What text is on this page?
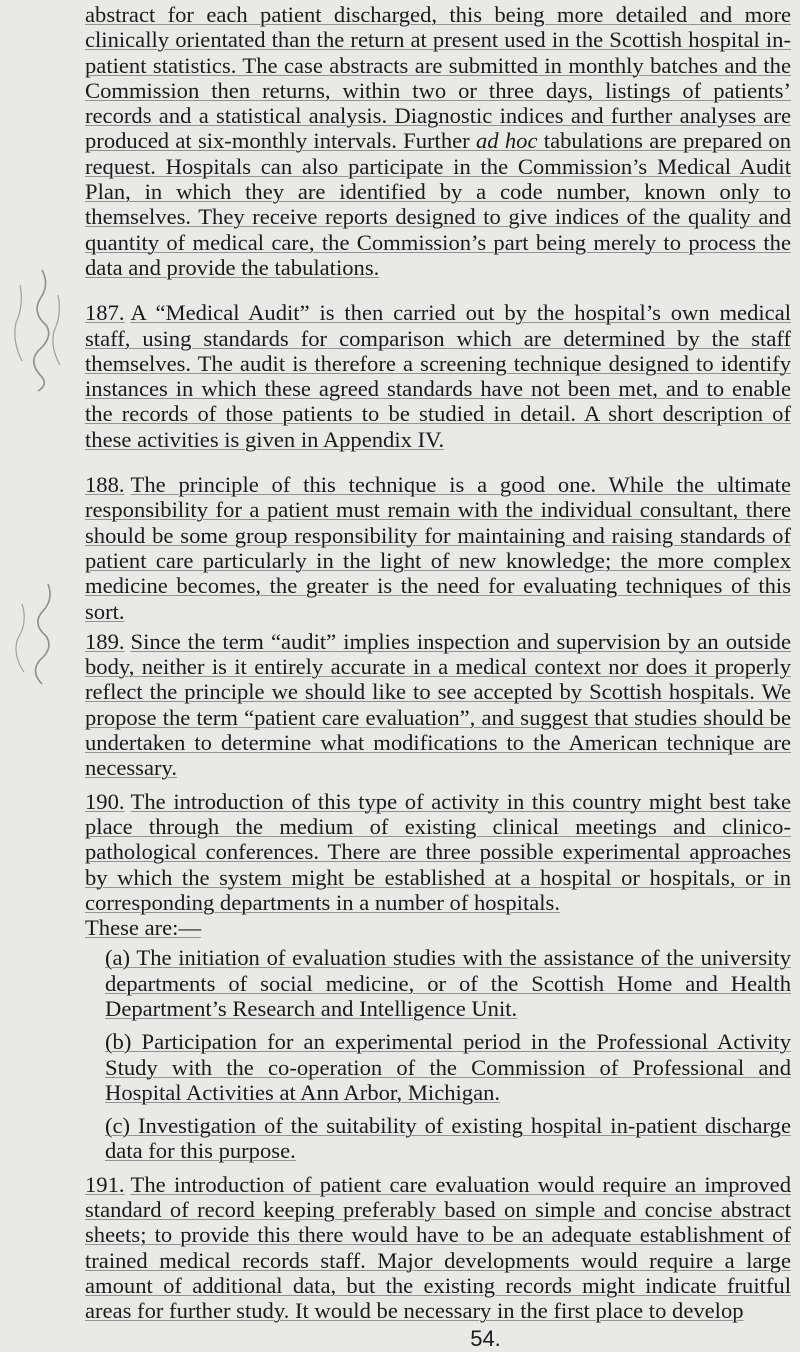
abstract for each patient discharged, this being more detailed and more clinically orientated than the return at present used in the Scottish hospital in-patient statistics. The case abstracts are submitted in monthly batches and the Commission then returns, within two or three days, listings of patients’ records and a statistical analysis. Diagnostic indices and further analyses are produced at six-monthly intervals. Further ad hoc tabulations are prepared on request. Hospitals can also participate in the Commission’s Medical Audit Plan, in which they are identified by a code number, known only to themselves. They receive reports designed to give indices of the quality and quantity of medical care, the Commission’s part being merely to process the data and provide the tabulations.

187. A “Medical Audit” is then carried out by the hospital’s own medical staff, using standards for comparison which are determined by the staff themselves. The audit is therefore a screening technique designed to identify instances in which these agreed standards have not been met, and to enable the records of those patients to be studied in detail. A short description of these activities is given in Appendix IV.

188. The principle of this technique is a good one. While the ultimate responsibility for a patient must remain with the individual consultant, there should be some group responsibility for maintaining and raising standards of patient care particularly in the light of new knowledge; the more complex medicine becomes, the greater is the need for evaluating techniques of this sort.

189. Since the term “audit” implies inspection and supervision by an outside body, neither is it entirely accurate in a medical context nor does it properly reflect the principle we should like to see accepted by Scottish hospitals. We propose the term “patient care evaluation”, and suggest that studies should be undertaken to determine what modifications to the American technique are necessary.

190. The introduction of this type of activity in this country might best take place through the medium of existing clinical meetings and clinico-pathological conferences. There are three possible experimental approaches by which the system might be established at a hospital or hospitals, or in corresponding departments in a number of hospitals.

These are:—

(a) The initiation of evaluation studies with the assistance of the university departments of social medicine, or of the Scottish Home and Health Department’s Research and Intelligence Unit.

(b) Participation for an experimental period in the Professional Activity Study with the co-operation of the Commission of Professional and Hospital Activities at Ann Arbor, Michigan.

(c) Investigation of the suitability of existing hospital in-patient discharge data for this purpose.

191. The introduction of patient care evaluation would require an improved standard of record keeping preferably based on simple and concise abstract sheets; to provide this there would have to be an adequate establishment of trained medical records staff. Major developments would require a large amount of additional data, but the existing records might indicate fruitful areas for further study. It would be necessary in the first place to develop

54.
